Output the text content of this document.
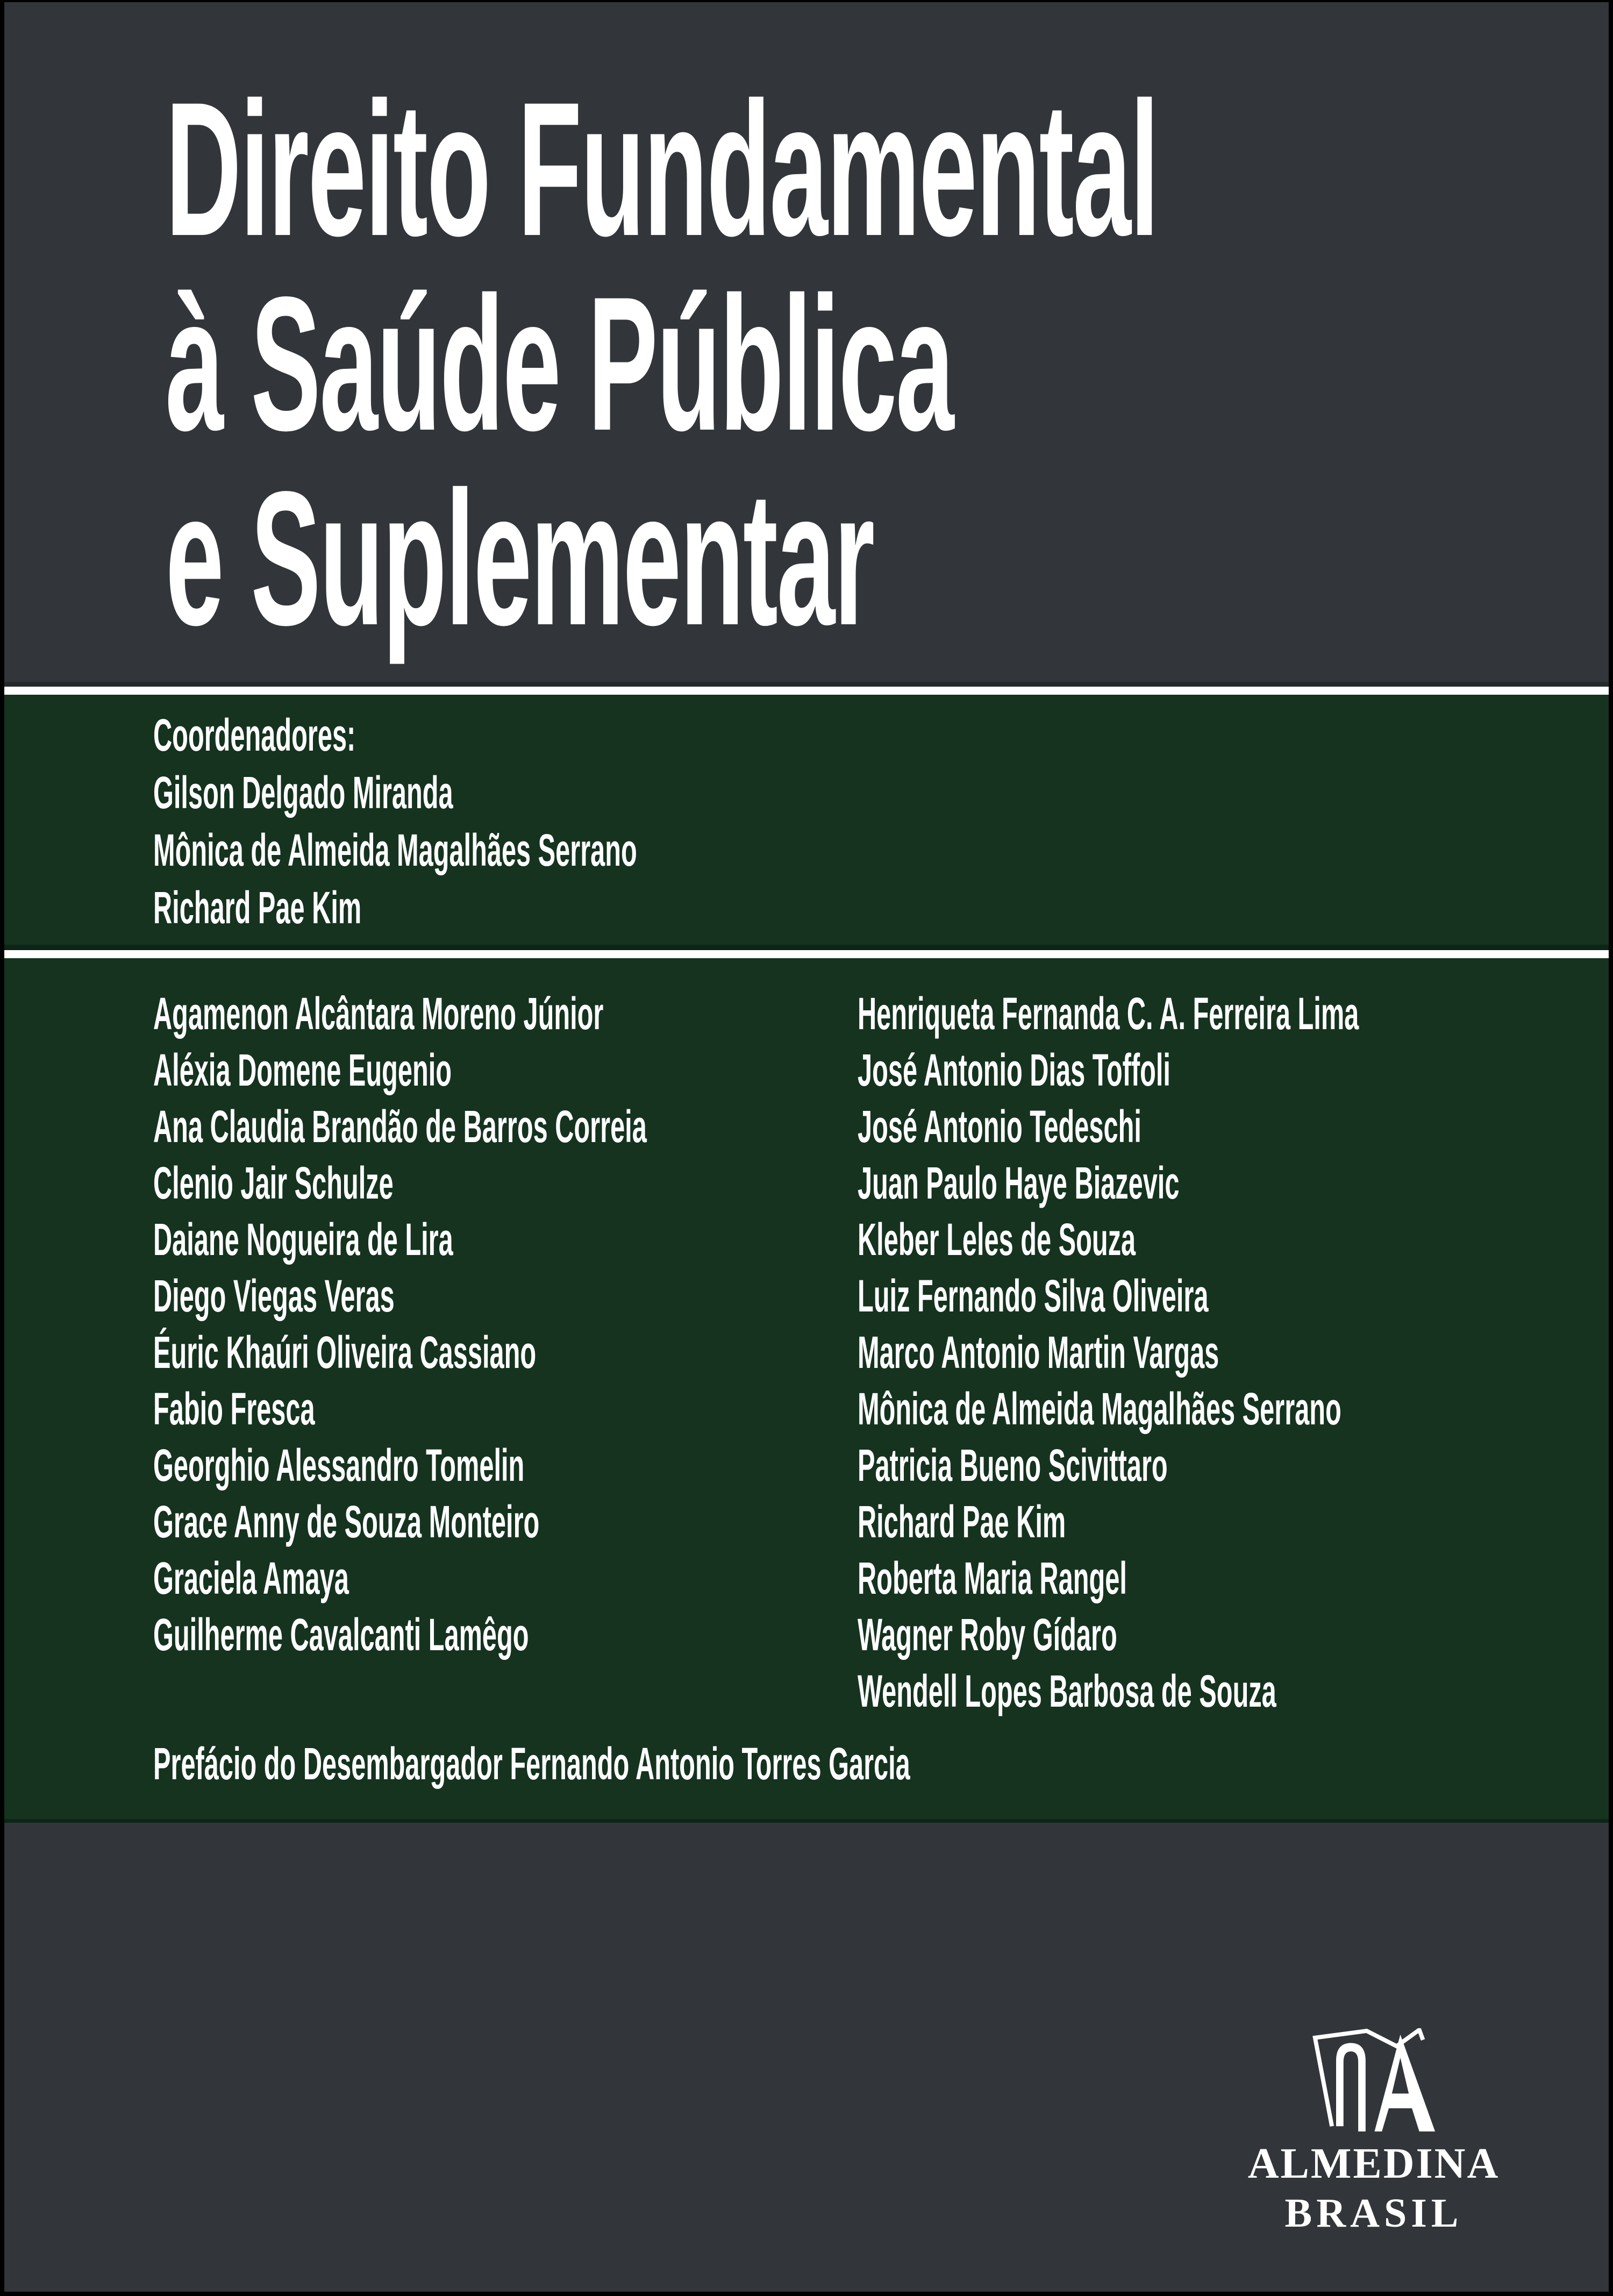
Direito Fundamental
à Saúde Pública
e Suplementar
Coordenadores:
Gilson Delgado Miranda
Mônica de Almeida Magalhães Serrano
Richard Pae Kim
Agamenon Alcântara Moreno Júnior
Aléxia Domene Eugenio
Ana Claudia Brandão de Barros Correia
Clenio Jair Schulze
Daiane Nogueira de Lira
Diego Viegas Veras
Éuric Khaúri Oliveira Cassiano
Fabio Fresca
Georghio Alessandro Tomelin
Grace Anny de Souza Monteiro
Graciela Amaya
Guilherme Cavalcanti Lamêgo
Henriqueta Fernanda C. A. Ferreira Lima
José Antonio Dias Toffoli
José Antonio Tedeschi
Juan Paulo Haye Biazevic
Kleber Leles de Souza
Luiz Fernando Silva Oliveira
Marco Antonio Martin Vargas
Mônica de Almeida Magalhães Serrano
Patricia Bueno Scivittaro
Richard Pae Kim
Roberta Maria Rangel
Wagner Roby Gídaro
Wendell Lopes Barbosa de Souza
Prefácio do Desembargador Fernando Antonio Torres Garcia
ALMEDINA
BRASIL
